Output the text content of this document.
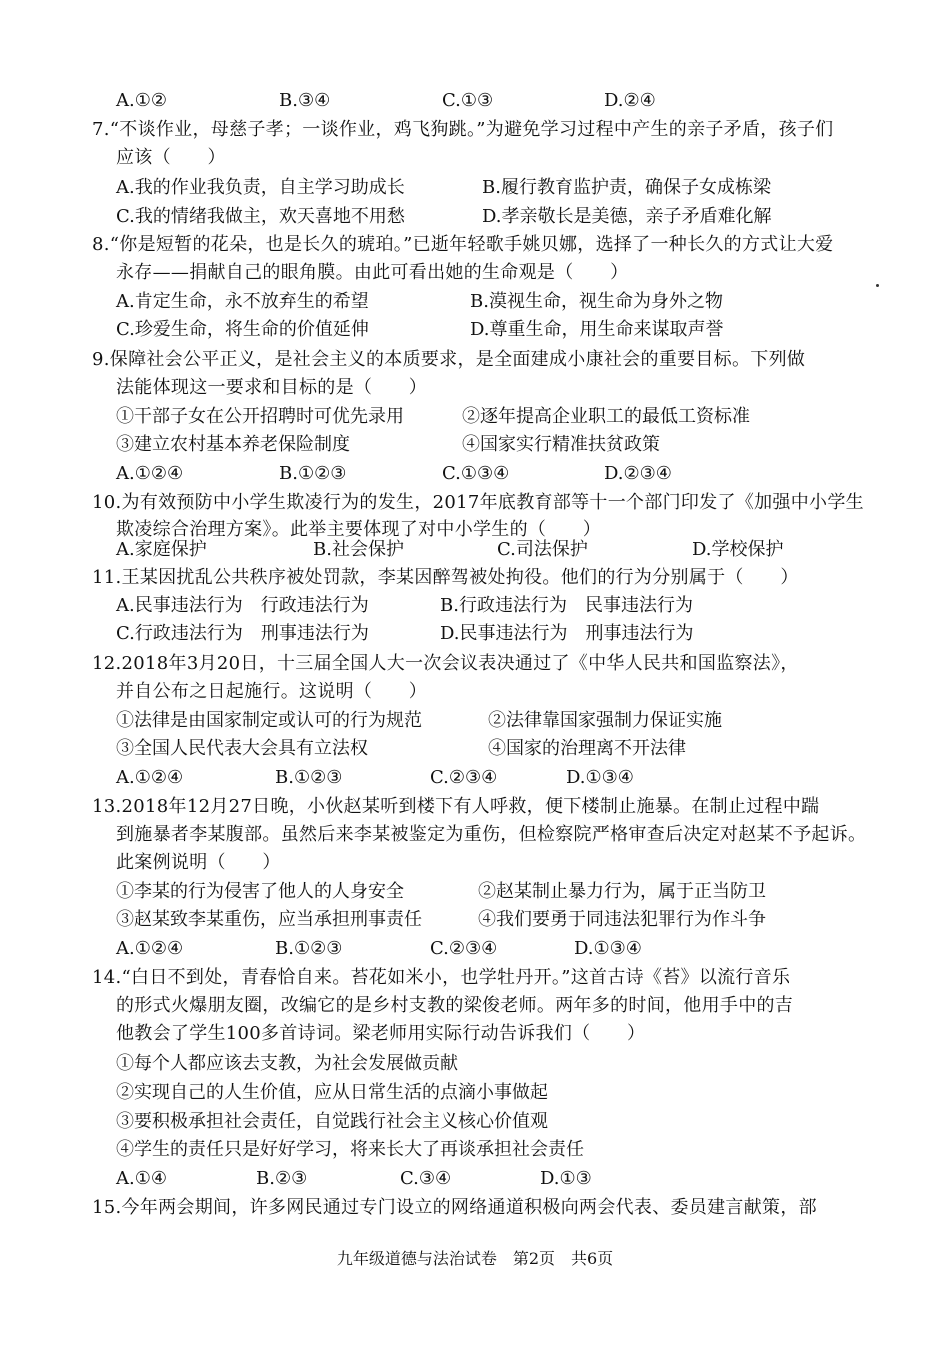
A.①②	B.③④	C.①③	D.②④
7.“不谈作业，母慈子孝；一谈作业，鸡飞狗跳。”为避免学习过程中产生的亲子矛盾，孩子们
应该（　　）
A.我的作业我负责，自主学习助成长	B.履行教育监护责，确保子女成栋梁
C.我的情绪我做主，欢天喜地不用愁	D.孝亲敬长是美德，亲子矛盾难化解
8.“你是短暂的花朵，也是长久的琥珀。”已逝年轻歌手姚贝娜，选择了一种长久的方式让大爱
永存——捐献自己的眼角膜。由此可看出她的生命观是（　　）
A.肯定生命，永不放弃生的希望	B.漠视生命，视生命为身外之物
C.珍爱生命，将生命的价值延伸	D.尊重生命，用生命来谋取声誉
9.保障社会公平正义，是社会主义的本质要求，是全面建成小康社会的重要目标。下列做
法能体现这一要求和目标的是（　　）
①干部子女在公开招聘时可优先录用	②逐年提高企业职工的最低工资标准
③建立农村基本养老保险制度	④国家实行精准扶贫政策
A.①②④	B.①②③	C.①③④	D.②③④
10.为有效预防中小学生欺凌行为的发生，2017年底教育部等十一个部门印发了《加强中小学生
欺凌综合治理方案》。此举主要体现了对中小学生的（　　）
A.家庭保护	B.社会保护	C.司法保护	D.学校保护
11.王某因扰乱公共秩序被处罚款，李某因醉驾被处拘役。他们的行为分别属于（　　）
A.民事违法行为　行政违法行为	B.行政违法行为　民事违法行为
C.行政违法行为　刑事违法行为	D.民事违法行为　刑事违法行为
12.2018年3月20日，十三届全国人大一次会议表决通过了《中华人民共和国监察法》，
并自公布之日起施行。这说明（　　）
①法律是由国家制定或认可的行为规范	②法律靠国家强制力保证实施
③全国人民代表大会具有立法权	④国家的治理离不开法律
A.①②④	B.①②③	C.②③④	D.①③④
13.2018年12月27日晚，小伙赵某听到楼下有人呼救，便下楼制止施暴。在制止过程中踹
到施暴者李某腹部。虽然后来李某被鉴定为重伤，但检察院严格审查后决定对赵某不予起诉。
此案例说明（　　）
①李某的行为侵害了他人的人身安全	②赵某制止暴力行为，属于正当防卫
③赵某致李某重伤，应当承担刑事责任	④我们要勇于同违法犯罪行为作斗争
A.①②④	B.①②③	C.②③④	D.①③④
14.“白日不到处，青春恰自来。苔花如米小，也学牡丹开。”这首古诗《苔》以流行音乐
的形式火爆朋友圈，改编它的是乡村支教的梁俊老师。两年多的时间，他用手中的吉
他教会了学生100多首诗词。梁老师用实际行动告诉我们（　　）
①每个人都应该去支教，为社会发展做贡献
②实现自己的人生价值，应从日常生活的点滴小事做起
③要积极承担社会责任，自觉践行社会主义核心价值观
④学生的责任只是好好学习，将来长大了再谈承担社会责任
A.①④	B.②③	C.③④	D.①③
15.今年两会期间，许多网民通过专门设立的网络通道积极向两会代表、委员建言献策，部
九年级道德与法治试卷　第2页　共6页
